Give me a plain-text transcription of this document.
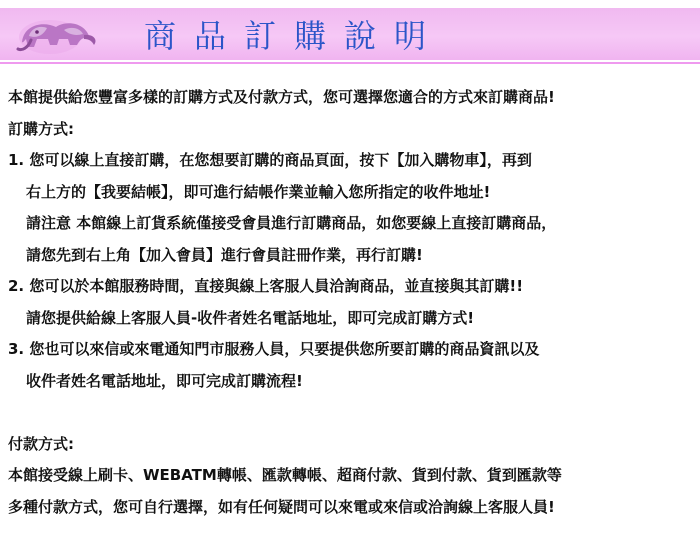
商品訂購說明
本館提供給您豐富多樣的訂購方式及付款方式，您可選擇您適合的方式來訂購商品!
訂購方式:
1. 您可以線上直接訂購，在您想要訂購的商品頁面，按下【加入購物車】，再到
右上方的【我要結帳】，即可進行結帳作業並輸入您所指定的收件地址!
請注意 本館線上訂貨系統僅接受會員進行訂購商品，如您要線上直接訂購商品，
請您先到右上角【加入會員】進行會員註冊作業，再行訂購!
2. 您可以於本館服務時間，直接與線上客服人員洽詢商品，並直接與其訂購!!
請您提供給線上客服人員-收件者姓名電話地址，即可完成訂購方式!
3. 您也可以來信或來電通知門市服務人員，只要提供您所要訂購的商品資訊以及
收件者姓名電話地址，即可完成訂購流程!
付款方式:
本館接受線上刷卡、WEBATM轉帳、匯款轉帳、超商付款、貨到付款、貨到匯款等
多種付款方式，您可自行選擇，如有任何疑問可以來電或來信或洽詢線上客服人員!
